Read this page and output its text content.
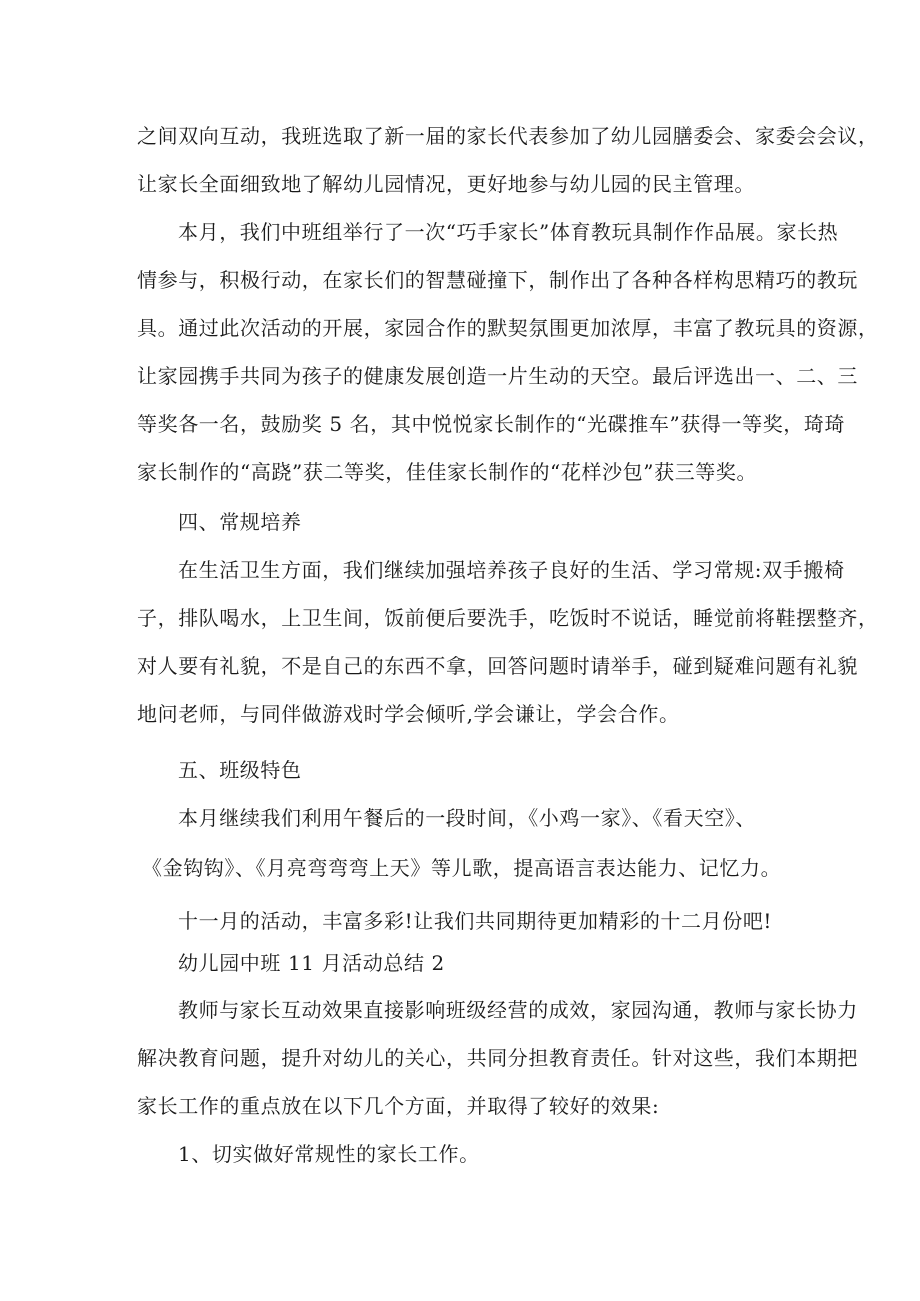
之间双向互动，我班选取了新一届的家长代表参加了幼儿园膳委会、家委会会议，
让家长全面细致地了解幼儿园情况，更好地参与幼儿园的民主管理。
本月，我们中班组举行了一次“巧手家长”体育教玩具制作作品展。家长热
情参与，积极行动，在家长们的智慧碰撞下，制作出了各种各样构思精巧的教玩
具。通过此次活动的开展，家园合作的默契氛围更加浓厚，丰富了教玩具的资源，
让家园携手共同为孩子的健康发展创造一片生动的天空。最后评选出一、二、三
等奖各一名，鼓励奖 5 名，其中悦悦家长制作的“光碟推车”获得一等奖，琦琦
家长制作的“高跷”获二等奖，佳佳家长制作的“花样沙包”获三等奖。
四、常规培养
在生活卫生方面，我们继续加强培养孩子良好的生活、学习常规:双手搬椅
子，排队喝水，上卫生间，饭前便后要洗手，吃饭时不说话，睡觉前将鞋摆整齐，
对人要有礼貌，不是自己的东西不拿，回答问题时请举手，碰到疑难问题有礼貌
地问老师，与同伴做游戏时学会倾听,学会谦让，学会合作。
五、班级特色
本月继续我们利用午餐后的一段时间，《小鸡一家》、《看天空》、
《金钩钩》、《月亮弯弯弯上天》等儿歌，提高语言表达能力、记忆力。
十一月的活动，丰富多彩!让我们共同期待更加精彩的十二月份吧!
幼儿园中班 11 月活动总结 2
教师与家长互动效果直接影响班级经营的成效，家园沟通，教师与家长协力
解决教育问题，提升对幼儿的关心，共同分担教育责任。针对这些，我们本期把
家长工作的重点放在以下几个方面，并取得了较好的效果:
1、切实做好常规性的家长工作。
